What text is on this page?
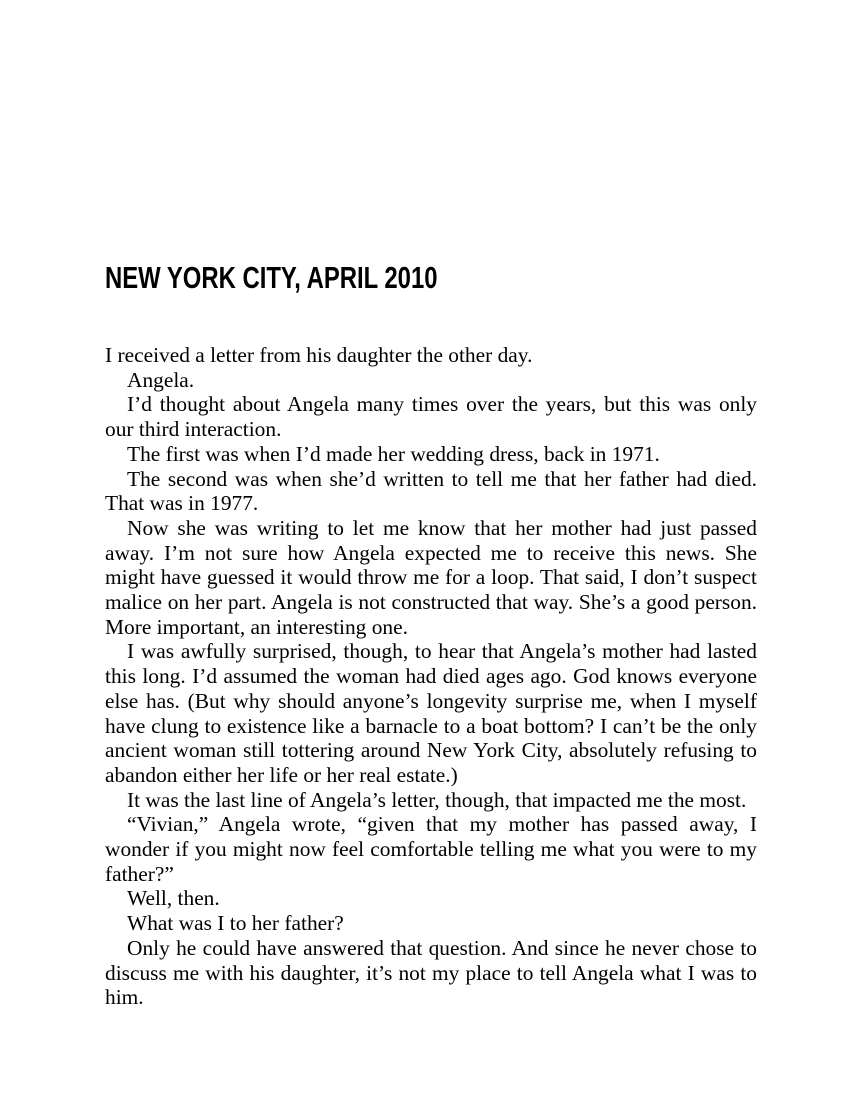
NEW YORK CITY, APRIL 2010

I received a letter from his daughter the other day.

Angela.

I’d thought about Angela many times over the years, but this was only our third interaction.

The first was when I’d made her wedding dress, back in 1971.

The second was when she’d written to tell me that her father had died. That was in 1977.

Now she was writing to let me know that her mother had just passed away. I’m not sure how Angela expected me to receive this news. She might have guessed it would throw me for a loop. That said, I don’t suspect malice on her part. Angela is not constructed that way. She’s a good person. More important, an interesting one.

I was awfully surprised, though, to hear that Angela’s mother had lasted this long. I’d assumed the woman had died ages ago. God knows everyone else has. (But why should anyone’s longevity surprise me, when I myself have clung to existence like a barnacle to a boat bottom? I can’t be the only ancient woman still tottering around New York City, absolutely refusing to abandon either her life or her real estate.)

It was the last line of Angela’s letter, though, that impacted me the most.

“Vivian,” Angela wrote, “given that my mother has passed away, I wonder if you might now feel comfortable telling me what you were to my father?”

Well, then.

What was I to her father?

Only he could have answered that question. And since he never chose to discuss me with his daughter, it’s not my place to tell Angela what I was to him.
